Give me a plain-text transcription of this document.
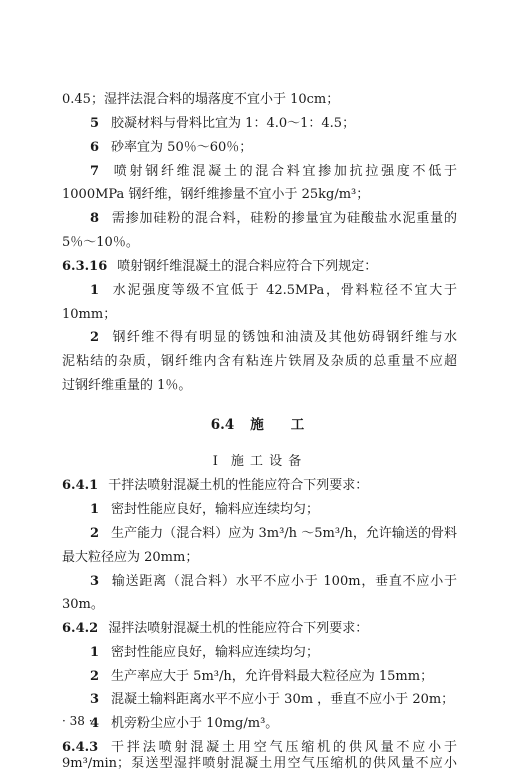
0.45；湿拌法混合料的塌落度不宜小于 10cm；
5 胶凝材料与骨料比宜为 1：4.0～1：4.5；
6 砂率宜为 50％～60％；
7 喷射钢纤维混凝土的混合料宜掺加抗拉强度不低于
1000MPa 钢纤维，钢纤维掺量不宜小于 25kg/m³；
8 需掺加硅粉的混合料，硅粉的掺量宜为硅酸盐水泥重量的
5％～10％。
6.3.16 喷射钢纤维混凝土的混合料应符合下列规定：
1 水泥强度等级不宜低于 42.5MPa，骨料粒径不宜大于
10mm；
2 钢纤维不得有明显的锈蚀和油渍及其他妨碍钢纤维与水
泥粘结的杂质，钢纤维内含有粘连片铁屑及杂质的总重量不应超
过钢纤维重量的 1％。
6.4 施　　工
Ⅰ 施 工 设 备
6.4.1 干拌法喷射混凝土机的性能应符合下列要求：
1 密封性能应良好，输料应连续均匀；
2 生产能力（混合料）应为 3m³/h ～5m³/h，允许输送的骨料
最大粒径应为 20mm；
3 输送距离（混合料）水平不应小于 100m，垂直不应小于
30m。
6.4.2 湿拌法喷射混凝土机的性能应符合下列要求：
1 密封性能应良好，输料应连续均匀；
2 生产率应大于 5m³/h，允许骨料最大粒径应为 15mm；
3 混凝土输料距离水平不应小于 30m ，垂直不应小于 20m；
4 机旁粉尘应小于 10mg/m³。
6.4.3 干拌法喷射混凝土用空气压缩机的供风量不应小于
9m³/min；泵送型湿拌喷射混凝土用空气压缩机的供风量不应小
· 38 ·
